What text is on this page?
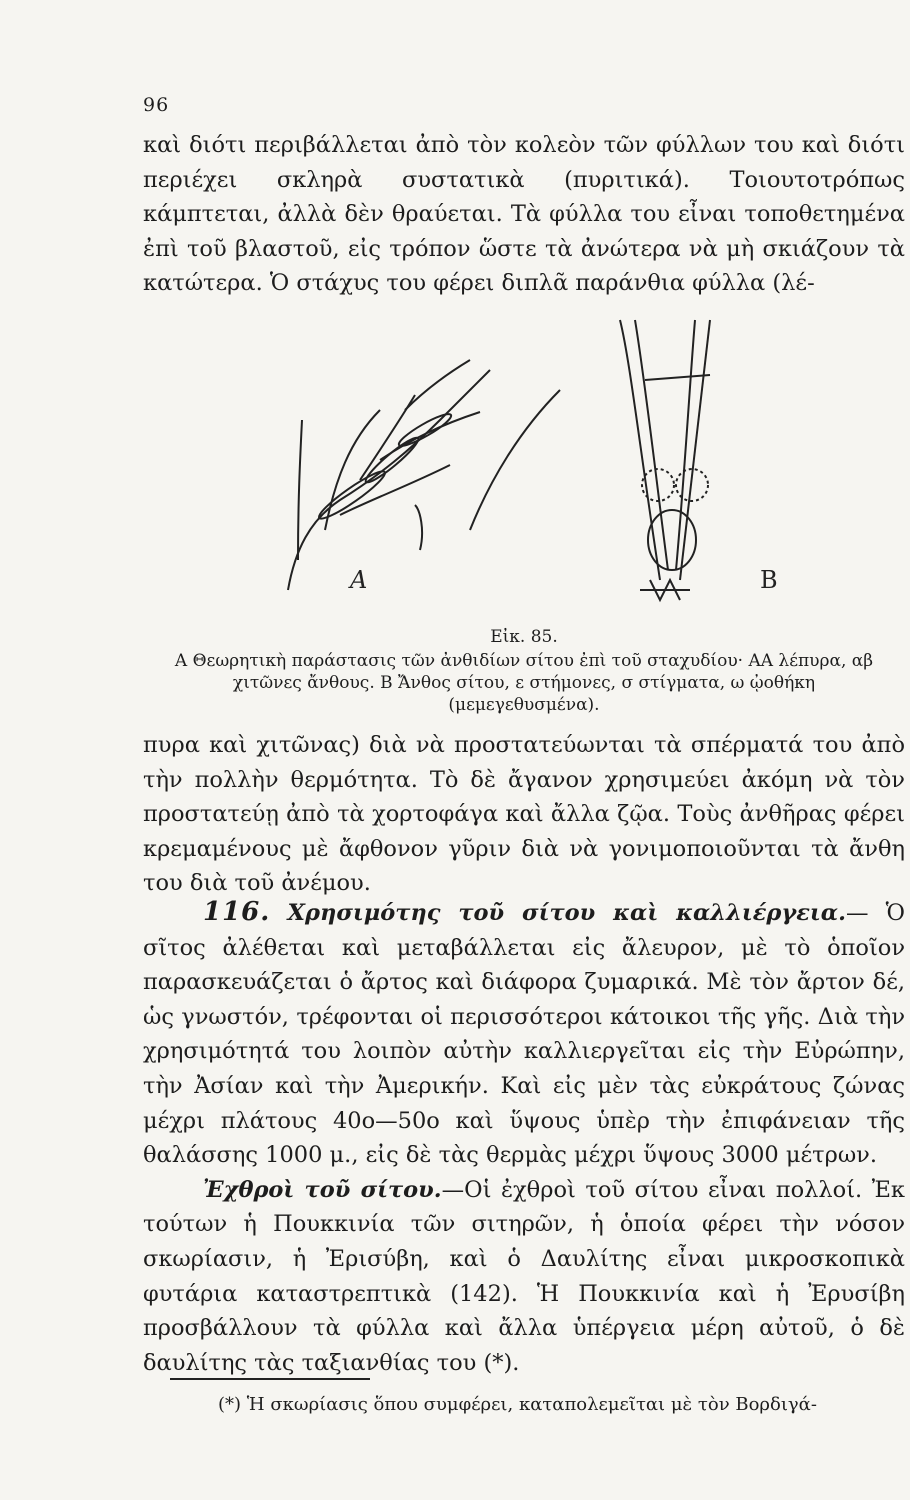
96

καὶ διότι περιβάλλεται ἀπὸ τὸν κολεὸν τῶν φύλλων του καὶ διότι περιέχει σκληρὰ συστατικὰ (πυριτικά). Τοιουτοτρόπως κάμπτεται, ἀλλὰ δὲν θραύεται. Τὰ φύλλα του εἶναι τοποθετημένα ἐπὶ τοῦ βλαστοῦ, εἰς τρόπον ὥστε τὰ ἀνώτερα νὰ μὴ σκιάζουν τὰ κατώτερα. Ὁ στάχυς του φέρει διπλᾶ παράνθια φύλλα (λέ-

Α	Β
Εἰκ. 85.
Α Θεωρητικὴ παράστασις τῶν ἀνθιδίων σίτου ἐπὶ τοῦ σταχυδίου· ΑΑ λέπυρα, αβ χιτῶνες ἄνθους. Β Ἄνθος σίτου, ε στήμονες, σ στίγματα, ω ᾠοθήκη (μεμεγεθυσμένα).

πυρα καὶ χιτῶνας) διὰ νὰ προστατεύωνται τὰ σπέρματά του ἀπὸ τὴν πολλὴν θερμότητα. Τὸ δὲ ἄγανον χρησιμεύει ἀκόμη νὰ τὸν προστατεύῃ ἀπὸ τὰ χορτοφάγα καὶ ἄλλα ζῷα. Τοὺς ἀνθῆρας φέρει κρεμαμένους μὲ ἄφθονον γῦριν διὰ νὰ γονιμοποιοῦνται τὰ ἄνθη του διὰ τοῦ ἀνέμου.

116. Χρησιμότης τοῦ σίτου καὶ καλλιέργεια.— Ὁ σῖτος ἀλέθεται καὶ μεταβάλλεται εἰς ἄλευρον, μὲ τὸ ὁποῖον παρασκευάζεται ὁ ἄρτος καὶ διάφορα ζυμαρικά. Μὲ τὸν ἄρτον δέ, ὡς γνωστόν, τρέφονται οἱ περισσότεροι κάτοικοι τῆς γῆς. Διὰ τὴν χρησιμότητά του λοιπὸν αὐτὴν καλλιεργεῖται εἰς τὴν Εὐρώπην, τὴν Ἀσίαν καὶ τὴν Ἀμερικήν. Καὶ εἰς μὲν τὰς εὐκράτους ζώνας μέχρι πλάτους 40ο—50ο καὶ ὕψους ὑπὲρ τὴν ἐπιφάνειαν τῆς θαλάσσης 1000 μ., εἰς δὲ τὰς θερμὰς μέχρι ὕψους 3000 μέτρων.

Ἐχθροὶ τοῦ σίτου.—Οἱ ἐχθροὶ τοῦ σίτου εἶναι πολλοί. Ἐκ τούτων ἡ Πουκκινία τῶν σιτηρῶν, ἡ ὁποία φέρει τὴν νόσον σκωρίασιν, ἡ Ἐρισύβη, καὶ ὁ Δαυλίτης εἶναι μικροσκοπικὰ φυτάρια καταστρεπτικὰ (142). Ἡ Πουκκινία καὶ ἡ Ἐρυσίβη προσβάλλουν τὰ φύλλα καὶ ἄλλα ὑπέργεια μέρη αὐτοῦ, ὁ δὲ δαυλίτης τὰς ταξιανθίας του (*).

(*) Ἡ σκωρίασις ὅπου συμφέρει, καταπολεμεῖται μὲ τὸν Βορδιγά-
